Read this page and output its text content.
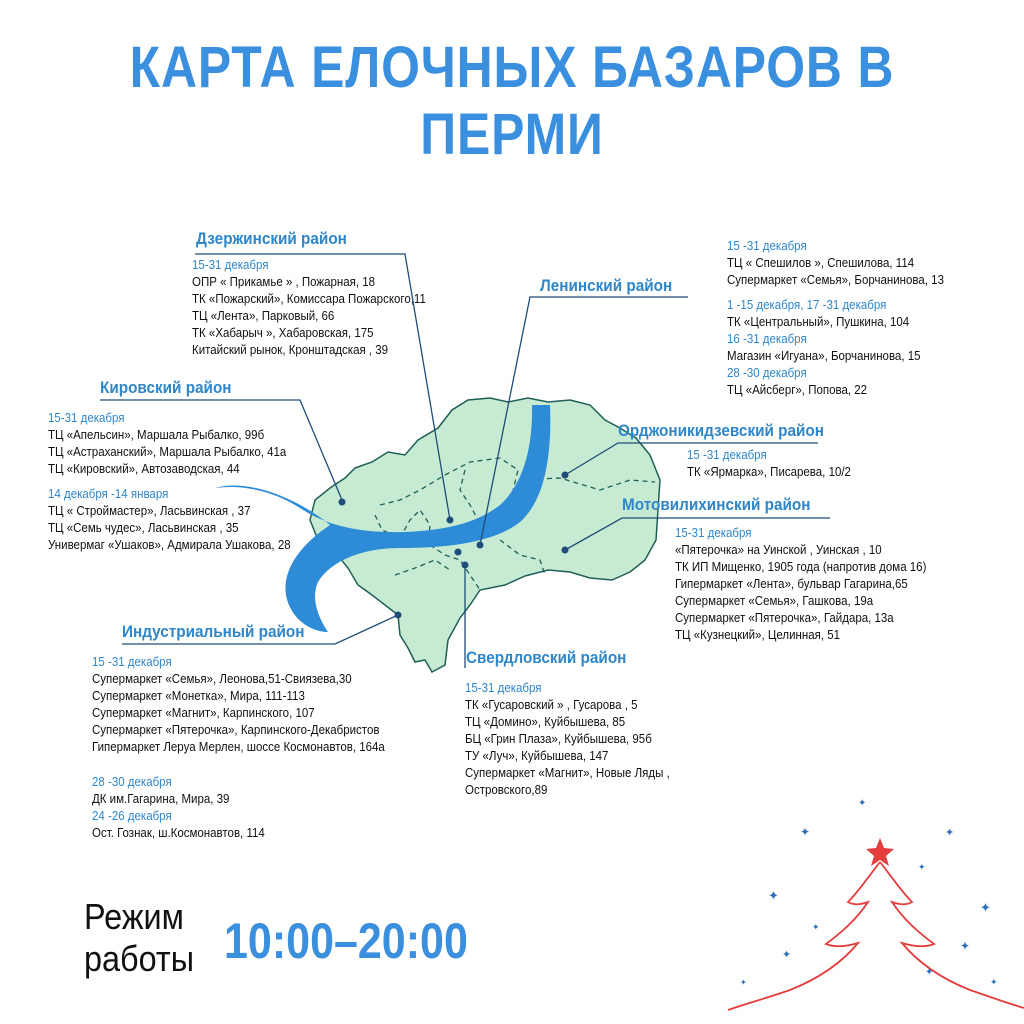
КАРТА ЕЛОЧНЫХ БАЗАРОВ В ПЕРМИ
✦
✦
✦
✦
✦
✦
✦
✦
✦
✦
✦
✦
Дзержинский район
15-31 декабря
ОПР « Прикамье » , Пожарная, 18
ТК «Пожарский», Комиссара Пожарского,11
ТЦ «Лента», Парковый, 66
ТК «Хабарыч », Хабаровская, 175
Китайский рынок, Кронштадская , 39
Кировский район
15-31 декабря
ТЦ «Апельсин», Маршала Рыбалко, 99б
ТЦ «Астраханский», Маршала Рыбалко, 41а
ТЦ «Кировский», Автозаводская, 44
14 декабря -14 января
ТЦ « Строймастер», Ласьвинская , 37
ТЦ «Семь чудес», Ласьвинская , 35
Универмаг «Ушаков», Адмирала Ушакова, 28
Ленинский район
15 -31 декабря
ТЦ « Спешилов », Спешилова, 114
Супермаркет «Семья», Борчанинова, 13
1 -15 декабря, 17 -31 декабря
ТК «Центральный», Пушкина, 104
16 -31 декабря
Магазин «Игуана», Борчанинова, 15
28 -30 декабря
ТЦ «Айсберг», Попова, 22
Орджоникидзевский район
15 -31 декабря
ТК «Ярмарка», Писарева, 10/2
Мотовилихинский район
15-31 декабря
«Пятерочка» на Уинской , Уинская , 10
ТК ИП Мищенко, 1905 года (напротив дома 16)
Гипермаркет «Лента», бульвар Гагарина,65
Супермаркет «Семья», Гашкова, 19а
Супермаркет «Пятерочка», Гайдара, 13а
ТЦ «Кузнецкий», Целинная, 51
Индустриальный район
15 -31 декабря
Супермаркет «Семья», Леонова,51-Свиязева,30
Супермаркет «Монетка», Мира, 111-113
Супермаркет «Магнит», Карпинского, 107
Супермаркет «Пятерочка», Карпинского-Декабристов
Гипермаркет Леруа Мерлен, шоссе Космонавтов, 164а
28 -30 декабря
ДК им.Гагарина, Мира, 39
24 -26 декабря
Ост. Гознак, ш.Космонавтов, 114
Свердловский район
15-31 декабря
ТК «Гусаровский » , Гусарова , 5
ТЦ «Домино», Куйбышева, 85
БЦ «Грин Плаза», Куйбышева, 95б
ТУ «Луч», Куйбышева, 147
Супермаркет «Магнит», Новые Ляды ,
Островского,89
Режим
работы 10:00–20:00
